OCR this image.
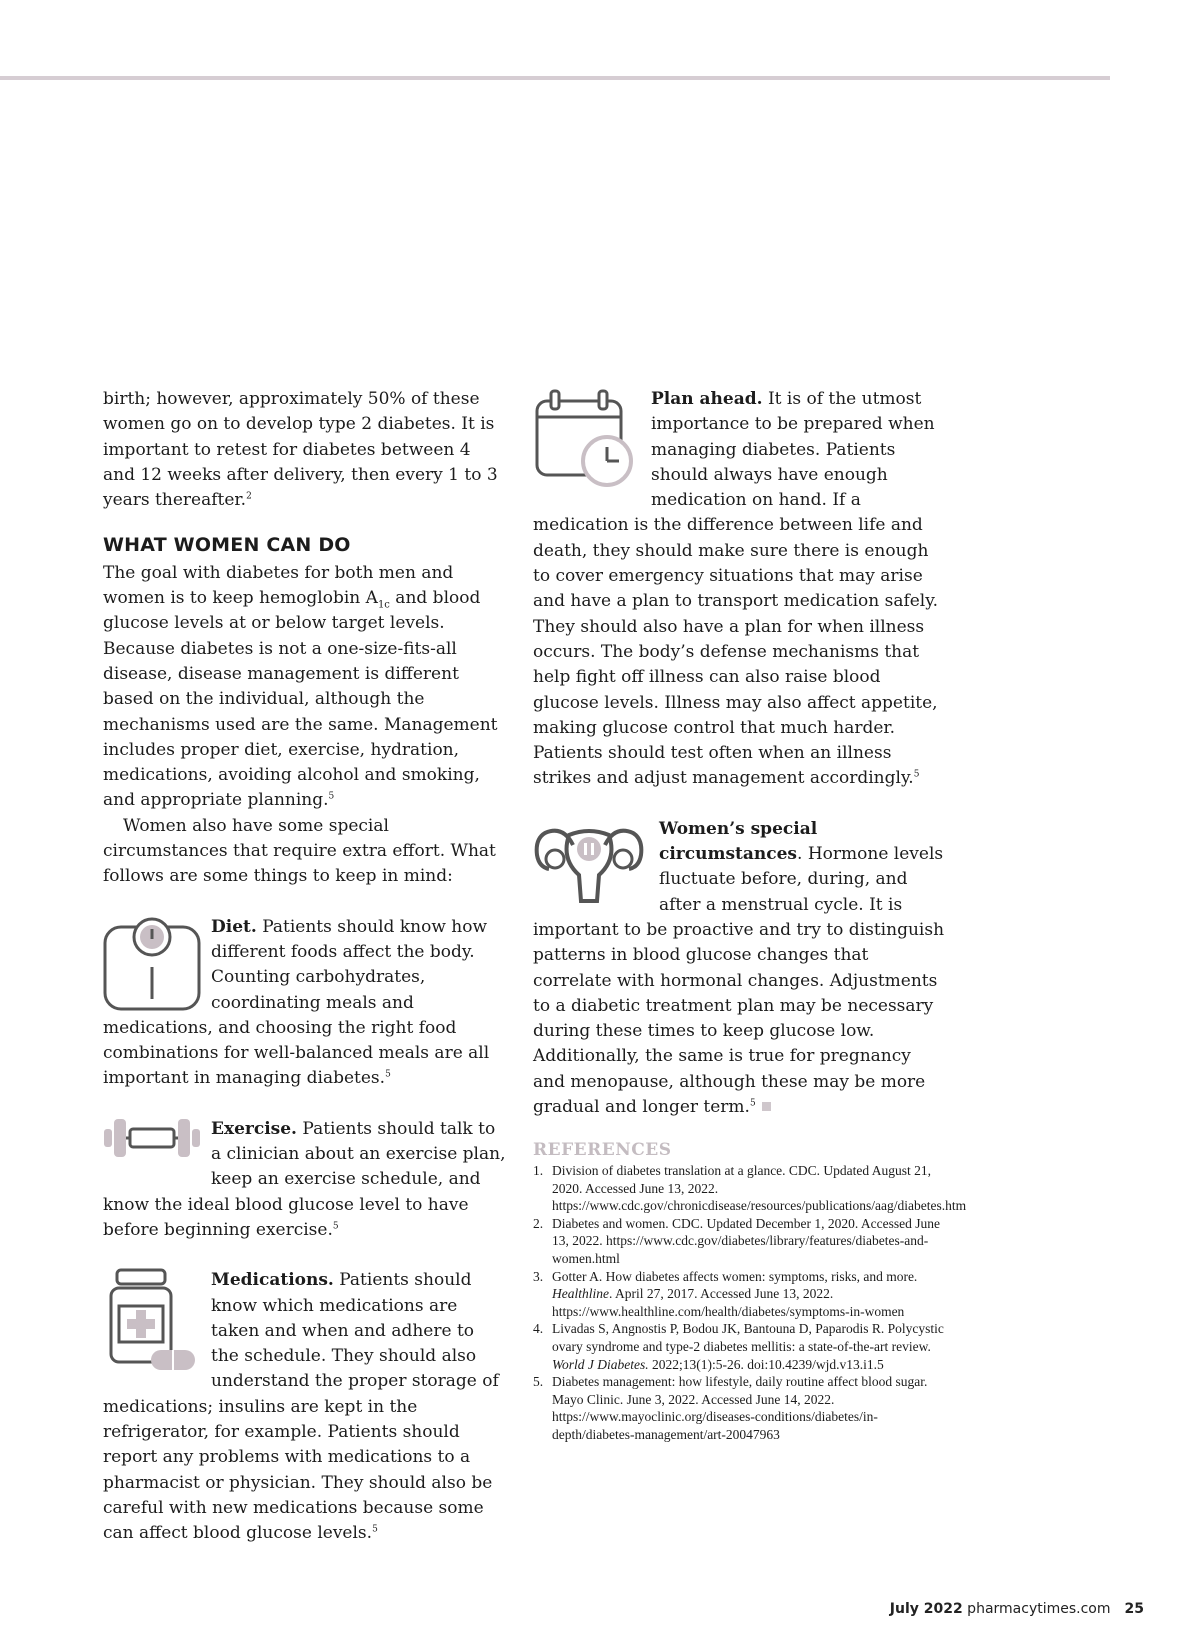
birth; however, approximately 50% of these women go on to develop type 2 diabetes. It is important to retest for diabetes between 4 and 12 weeks after delivery, then every 1 to 3 years thereafter.$^2$

WHAT WOMEN CAN DO

The goal with diabetes for both men and women is to keep hemoglobin $A_{1c}$ and blood glucose levels at or below target levels. Because diabetes is not a one-size-fits-all disease, disease management is different based on the individual, although the mechanisms used are the same. Management includes proper diet, exercise, hydration, medications, avoiding alcohol and smoking, and appropriate planning.$^5$

Women also have some special circumstances that require extra effort. What follows are some things to keep in mind:

Diet. Patients should know how different foods affect the body. Counting carbohydrates, coordinating meals and medications, and choosing the right food combinations for well-balanced meals are all important in managing diabetes.$^5$

Exercise. Patients should talk to a clinician about an exercise plan, keep an exercise schedule, and know the ideal blood glucose level to have before beginning exercise.$^5$

Medications. Patients should know which medications are taken and when and adhere to the schedule. They should also understand the proper storage of medications; insulins are kept in the refrigerator, for example. Patients should report any problems with medications to a pharmacist or physician. They should also be careful with new medications because some can affect blood glucose levels.$^5$

Plan ahead. It is of the utmost importance to be prepared when managing diabetes. Patients should always have enough medication on hand. If a medication is the difference between life and death, they should make sure there is enough to cover emergency situations that may arise and have a plan to transport medication safely. They should also have a plan for when illness occurs. The body’s defense mechanisms that help fight off illness can also raise blood glucose levels. Illness may also affect appetite, making glucose control that much harder. Patients should test often when an illness strikes and adjust management accordingly.$^5$

Women’s special circumstances. Hormone levels fluctuate before, during, and after a menstrual cycle. It is important to be proactive and try to distinguish patterns in blood glucose changes that correlate with hormonal changes. Adjustments to a diabetic treatment plan may be necessary during these times to keep glucose low. Additionally, the same is true for pregnancy and menopause, although these may be more gradual and longer term.$^5$

REFERENCES
1. Division of diabetes translation at a glance. CDC. Updated August 21, 2020. Accessed June 13, 2022. https://www.cdc.gov/chronicdisease/resources/publications/aag/diabetes.htm
2. Diabetes and women. CDC. Updated December 1, 2020. Accessed June 13, 2022. https://www.cdc.gov/diabetes/library/features/diabetes-and-women.html
3. Gotter A. How diabetes affects women: symptoms, risks, and more. Healthline. April 27, 2017. Accessed June 13, 2022. https://www.healthline.com/health/diabetes/symptoms-in-women
4. Livadas S, Angnostis P, Bodou JK, Bantouna D, Paparodis R. Polycystic ovary syndrome and type-2 diabetes mellitis: a state-of-the-art review. World J Diabetes. 2022;13(1):5-26. doi:10.4239/wjd.v13.i1.5
5. Diabetes management: how lifestyle, daily routine affect blood sugar. Mayo Clinic. June 3, 2022. Accessed June 14, 2022. https://www.mayoclinic.org/diseases-conditions/diabetes/in-depth/diabetes-management/art-20047963
July 2022 pharmacytimes.com 25
